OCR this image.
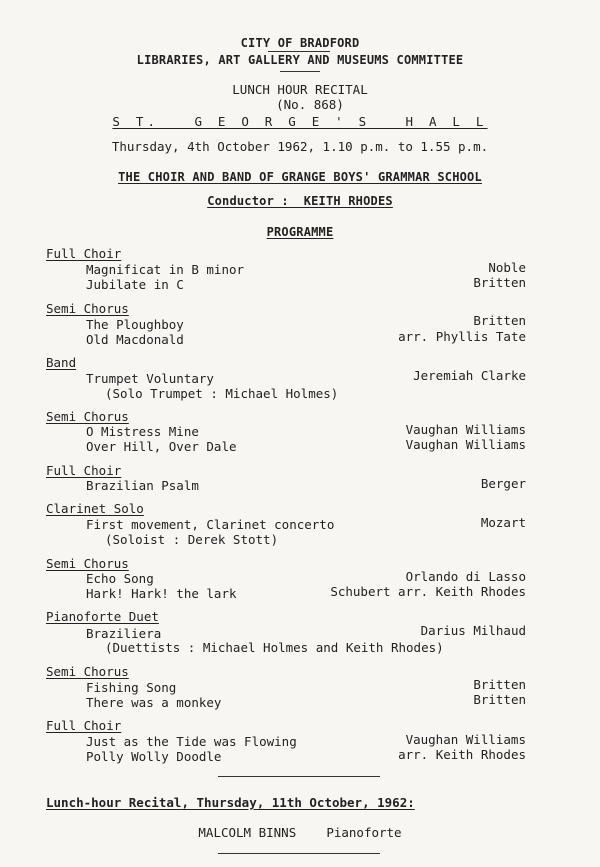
CITY OF BRADFORD
LIBRARIES, ART GALLERY AND MUSEUMS COMMITTEE
LUNCH HOUR RECITAL
(No. 868)
S T.   G E O R G E ' S   H A L L
Thursday, 4th October 1962, 1.10 p.m. to 1.55 p.m.
THE CHOIR AND BAND OF GRANGE BOYS' GRAMMAR SCHOOL
Conductor :  KEITH RHODES
PROGRAMME
Full Choir
Magnificat in B minor	Noble
Jubilate in C	Britten
Semi Chorus
The Ploughboy	Britten
Old Macdonald	arr. Phyllis Tate
Band
Trumpet Voluntary	Jeremiah Clarke
(Solo Trumpet : Michael Holmes)
Semi Chorus
O Mistress Mine	Vaughan Williams
Over Hill, Over Dale	Vaughan Williams
Full Choir
Brazilian Psalm	Berger
Clarinet Solo
First movement, Clarinet concerto	Mozart
(Soloist : Derek Stott)
Semi Chorus
Echo Song	Orlando di Lasso
Hark! Hark! the lark	Schubert arr. Keith Rhodes
Pianoforte Duet
Braziliera	Darius Milhaud
(Duettists : Michael Holmes and Keith Rhodes)
Semi Chorus
Fishing Song	Britten
There was a monkey	Britten
Full Choir
Just as the Tide was Flowing	Vaughan Williams
Polly Wolly Doodle	arr. Keith Rhodes
Lunch-hour Recital, Thursday, 11th October, 1962:
MALCOLM BINNS    Pianoforte
